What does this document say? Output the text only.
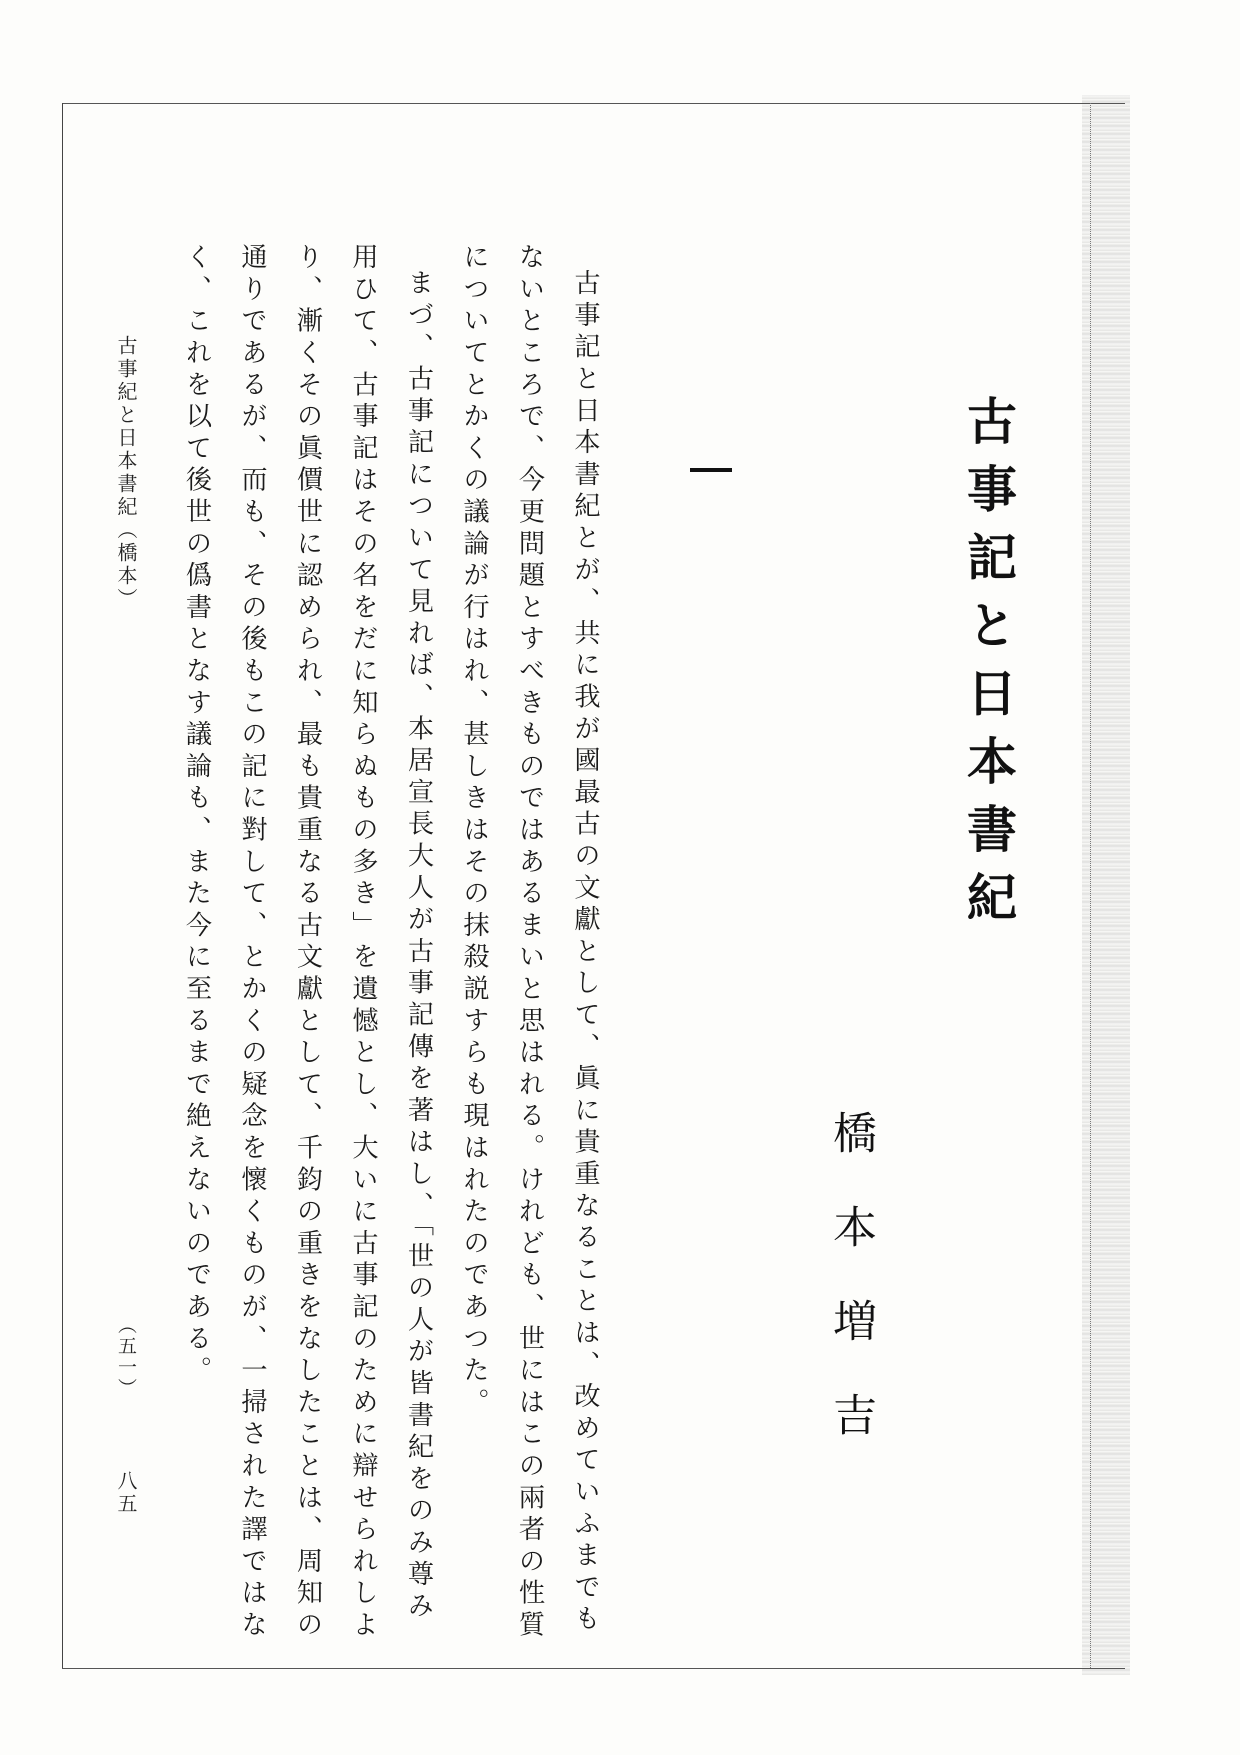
古事記と日本書紀
橋本増吉

古事記と日本書紀とが、共に我が國最古の文獻として、眞に貴重なることは、改めていふまでもないところで、今更問題とすべきものではあるまいと思はれる。けれども、世にはこの兩者の性質についてとかくの議論が行はれ、甚しきはその抹殺説すらも現はれたのであつた。

まづ、古事記について見れば、本居宣長大人が古事記傳を著はし、「世の人が皆書紀をのみ尊み用ひて、古事記はその名をだに知らぬもの多き」を遺憾とし、大いに古事記のために辯せられしより、漸くその眞價世に認められ、最も貴重なる古文獻として、千鈞の重きをなしたことは、周知の通りであるが、而も、その後もこの記に對して、とかくの疑念を懷くものが、一掃された譯ではなく、これを以て後世の僞書となす議論も、また今に至るまで絶えないのである。

古事紀と日本書紀（橋本）
（五一）
八五
